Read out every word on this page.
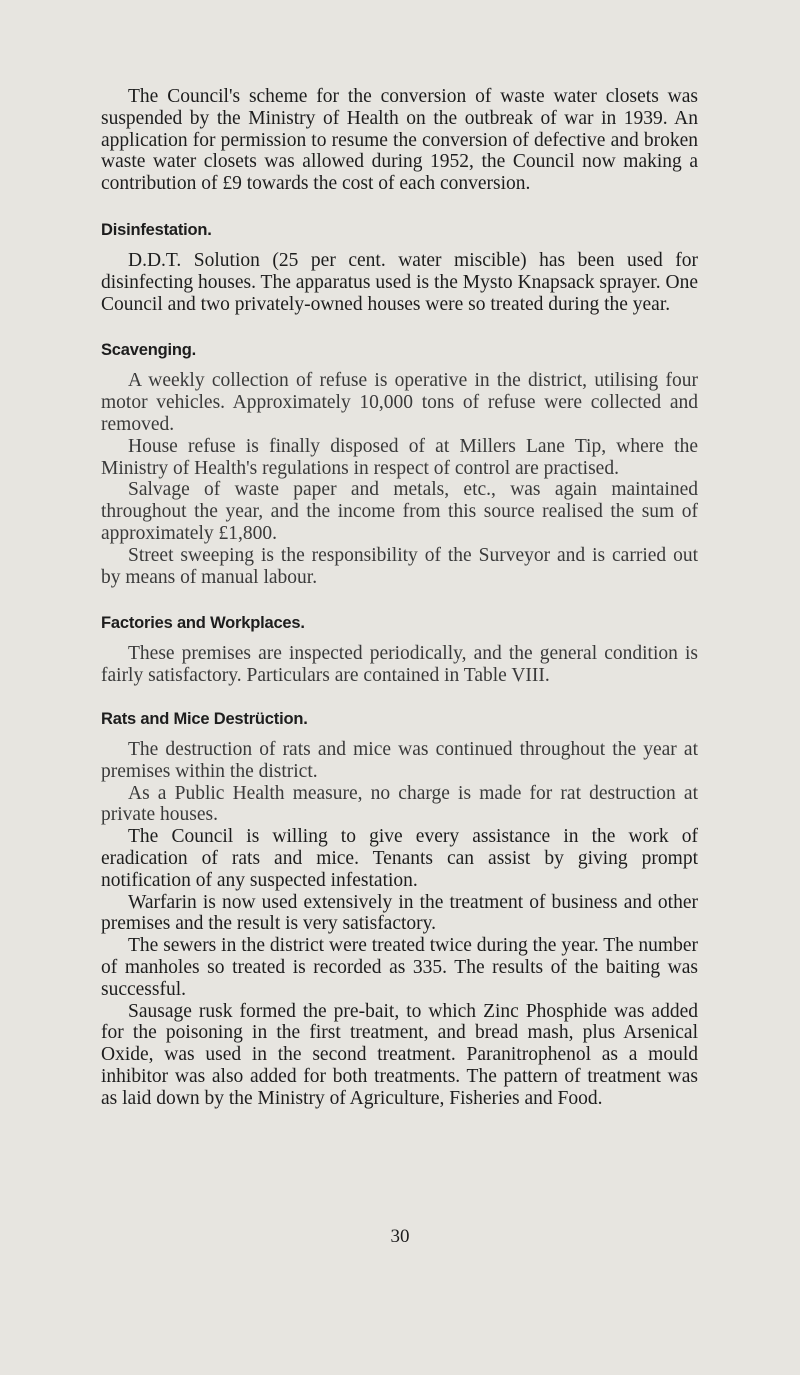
The Council's scheme for the conversion of waste water closets was suspended by the Ministry of Health on the outbreak of war in 1939. An application for permission to resume the conversion of defective and broken waste water closets was allowed during 1952, the Council now making a contribution of £9 towards the cost of each conversion.

Disinfestation.

D.D.T. Solution (25 per cent. water miscible) has been used for disinfecting houses. The apparatus used is the Mysto Knapsack sprayer. One Council and two privately-owned houses were so treated during the year.

Scavenging.

A weekly collection of refuse is operative in the district, utilising four motor vehicles. Approximately 10,000 tons of refuse were collected and removed.

House refuse is finally disposed of at Millers Lane Tip, where the Ministry of Health's regulations in respect of control are practised.

Salvage of waste paper and metals, etc., was again maintained throughout the year, and the income from this source realised the sum of approximately £1,800.

Street sweeping is the responsibility of the Surveyor and is carried out by means of manual labour.

Factories and Workplaces.

These premises are inspected periodically, and the general condition is fairly satisfactory. Particulars are contained in Table VIII.

Rats and Mice Destrüction.

The destruction of rats and mice was continued throughout the year at premises within the district.

As a Public Health measure, no charge is made for rat destruction at private houses.

The Council is willing to give every assistance in the work of eradication of rats and mice. Tenants can assist by giving prompt notification of any suspected infestation.

Warfarin is now used extensively in the treatment of business and other premises and the result is very satisfactory.

The sewers in the district were treated twice during the year. The number of manholes so treated is recorded as 335. The results of the baiting was successful.

Sausage rusk formed the pre-bait, to which Zinc Phosphide was added for the poisoning in the first treatment, and bread mash, plus Arsenical Oxide, was used in the second treatment. Paranitrophenol as a mould inhibitor was also added for both treatments. The pattern of treatment was as laid down by the Ministry of Agriculture, Fisheries and Food.

30
